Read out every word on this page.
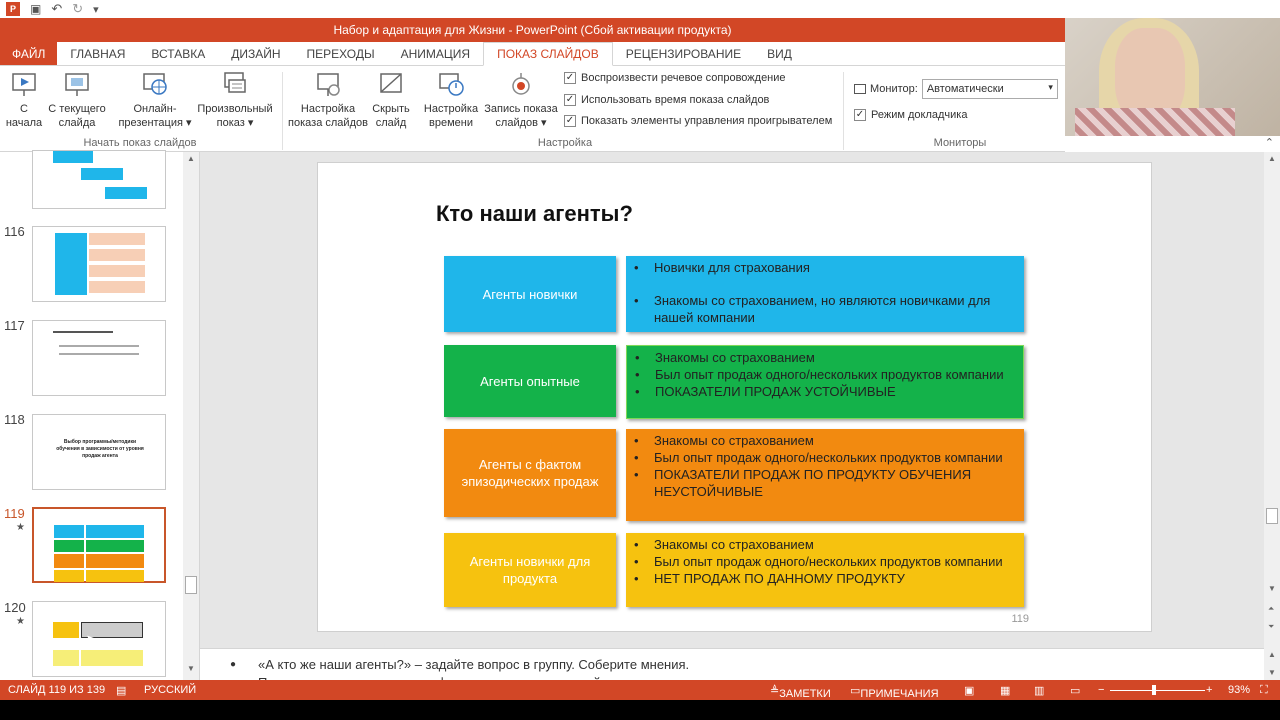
P	▣ ↶ ↻ ▾
Набор и адаптация для Жизни - PowerPoint (Сбой активации продукта)
ФАЙЛ	ГЛАВНАЯ	ВСТАВКА	ДИЗАЙН	ПЕРЕХОДЫ	АНИМАЦИЯ	ПОКАЗ СЛАЙДОВ	РЕЦЕНЗИРОВАНИЕ	ВИД
С
начала
С текущего
слайда
Онлайн-
презентация ▾
Произвольный
показ ▾
Начать показ слайдов
Настройка
показа слайдов
Скрыть
слайд
Настройка
времени
Запись показа
слайдов ▾
✓ Воспроизвести речевое сопровождение
✓ Использовать время показа слайдов
✓ Показать элементы управления проигрывателем
Настройка
Монитор: Автоматически	▾
✓ Режим докладчика
Мониторы	⌃
116
117
118
Выбор программы/методики обучения в зависимости от уровня продаж агента
119
★
120
★
▲
▼
Кто наши агенты?
Агенты новички
• Новички для страхования
• Знакомы со страхованием, но являются новичками для нашей компании
Агенты опытные
• Знакомы со страхованием
• Был опыт продаж одного/нескольких продуктов компании
• ПОКАЗАТЕЛИ ПРОДАЖ УСТОЙЧИВЫЕ
Агенты с фактом эпизодических продаж
• Знакомы со страхованием
• Был опыт продаж одного/нескольких продуктов компании
• ПОКАЗАТЕЛИ ПРОДАЖ ПО ПРОДУКТУ ОБУЧЕНИЯ НЕУСТОЙЧИВЫЕ
Агенты новички для продукта
• Знакомы со страхованием
• Был опыт продаж одного/нескольких продуктов компании
• НЕТ ПРОДАЖ ПО ДАННОМУ ПРОДУКТУ
119
▲
▼
⏶
⏷
● «А кто же наши агенты?» – задайте вопрос в группу. Соберите мнения.
▲
▼
СЛАЙД 119 ИЗ 139 ▤ РУССКИЙ	≜ ЗАМЕТКИ ▭ ПРИМЕЧАНИЯ ▣ ▦ ▥ ▭ −	+ 93% ⛶
